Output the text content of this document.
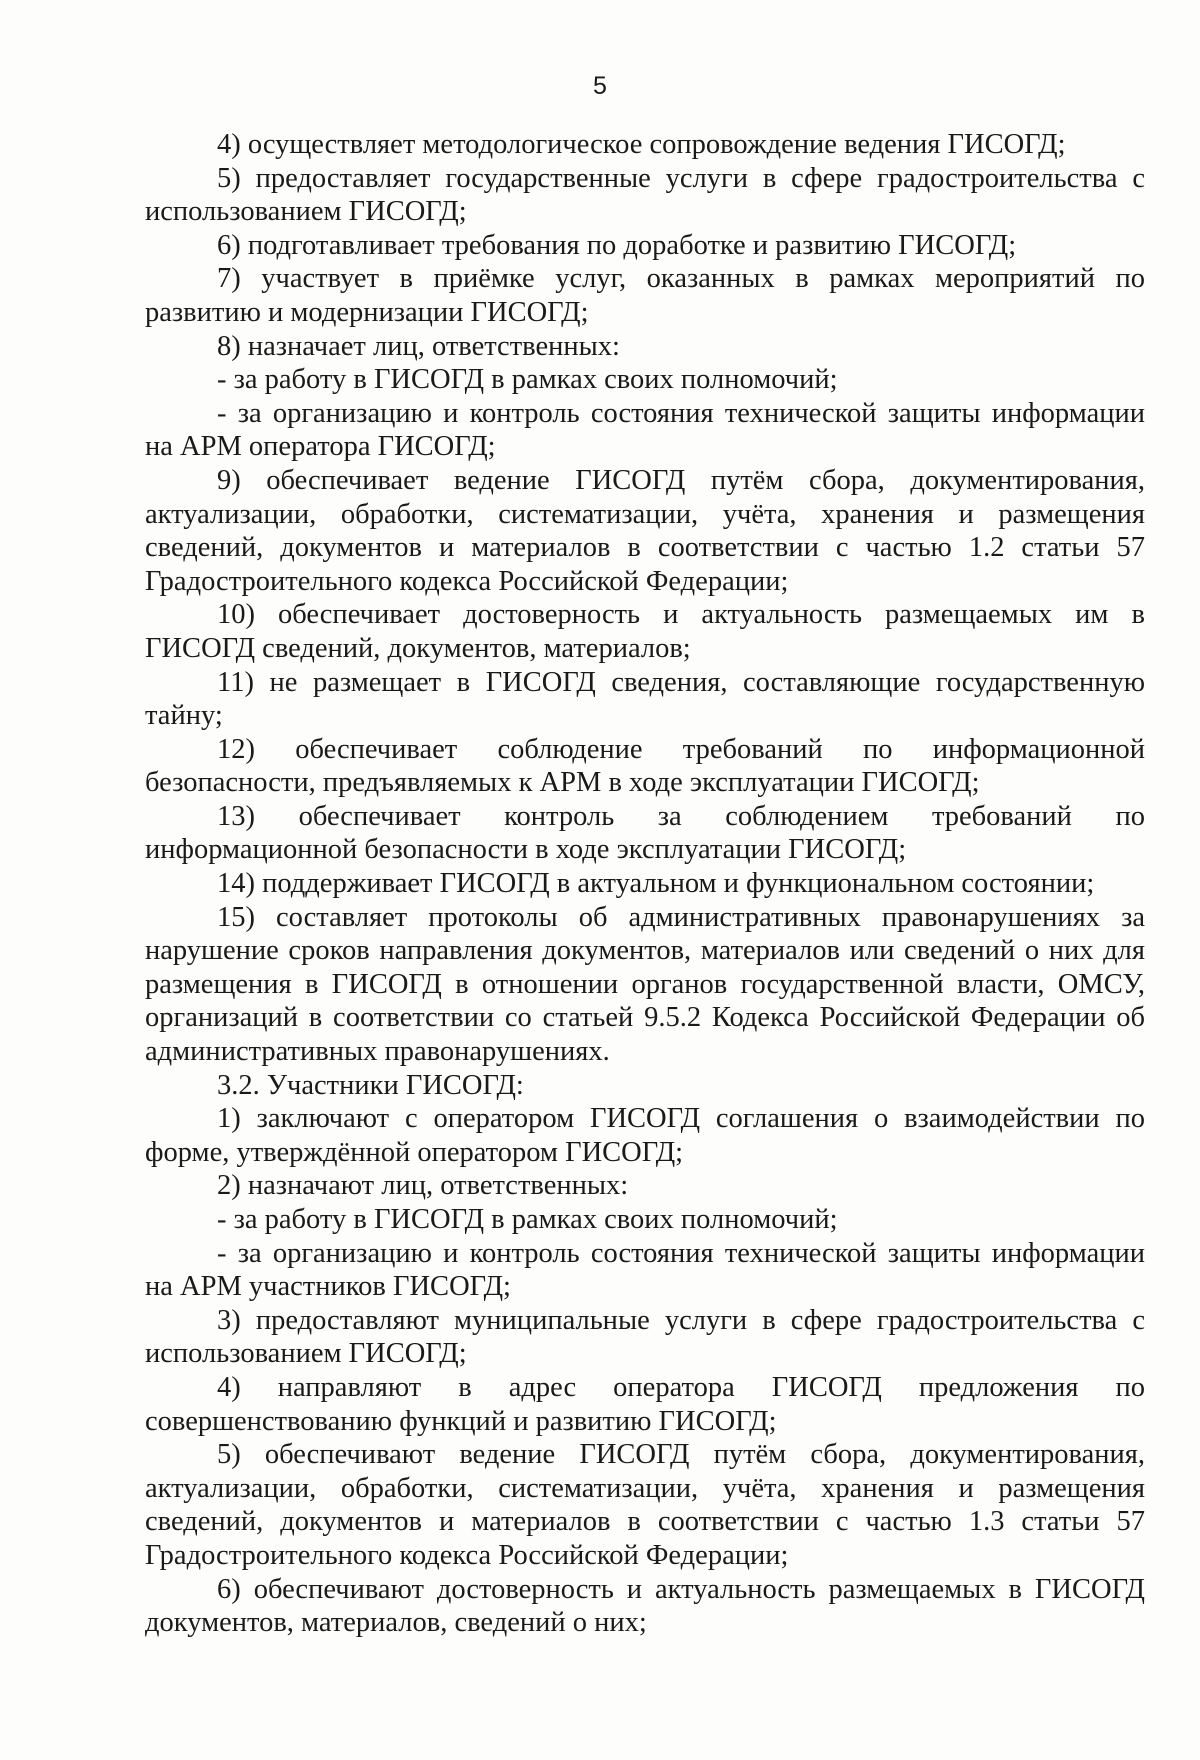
5

4) осуществляет методологическое сопровождение ведения ГИСОГД;

5) предоставляет государственные услуги в сфере градостроительства с использованием ГИСОГД;

6) подготавливает требования по доработке и развитию ГИСОГД;

7) участвует в приёмке услуг, оказанных в рамках мероприятий по развитию и модернизации ГИСОГД;

8) назначает лиц, ответственных:

- за работу в ГИСОГД в рамках своих полномочий;

- за организацию и контроль состояния технической защиты информации на АРМ оператора ГИСОГД;

9) обеспечивает ведение ГИСОГД путём сбора, документирования, актуализации, обработки, систематизации, учёта, хранения и размещения сведений, документов и материалов в соответствии с частью 1.2 статьи 57 Градостроительного кодекса Российской Федерации;

10) обеспечивает достоверность и актуальность размещаемых им в ГИСОГД сведений, документов, материалов;

11) не размещает в ГИСОГД сведения, составляющие государственную тайну;

12) обеспечивает соблюдение требований по информационной безопасности, предъявляемых к АРМ в ходе эксплуатации ГИСОГД;

13) обеспечивает контроль за соблюдением требований по информационной безопасности в ходе эксплуатации ГИСОГД;

14) поддерживает ГИСОГД в актуальном и функциональном состоянии;

15) составляет протоколы об административных правонарушениях за нарушение сроков направления документов, материалов или сведений о них для размещения в ГИСОГД в отношении органов государственной власти, ОМСУ, организаций в соответствии со статьей 9.5.2 Кодекса Российской Федерации об административных правонарушениях.

3.2. Участники ГИСОГД:

1) заключают с оператором ГИСОГД соглашения о взаимодействии по форме, утверждённой оператором ГИСОГД;

2) назначают лиц, ответственных:

- за работу в ГИСОГД в рамках своих полномочий;

- за организацию и контроль состояния технической защиты информации на АРМ участников ГИСОГД;

3) предоставляют муниципальные услуги в сфере градостроительства с использованием ГИСОГД;

4) направляют в адрес оператора ГИСОГД предложения по совершенствованию функций и развитию ГИСОГД;

5) обеспечивают ведение ГИСОГД путём сбора, документирования, актуализации, обработки, систематизации, учёта, хранения и размещения сведений, документов и материалов в соответствии с частью 1.3 статьи 57 Градостроительного кодекса Российской Федерации;

6) обеспечивают достоверность и актуальность размещаемых в ГИСОГД документов, материалов, сведений о них;
